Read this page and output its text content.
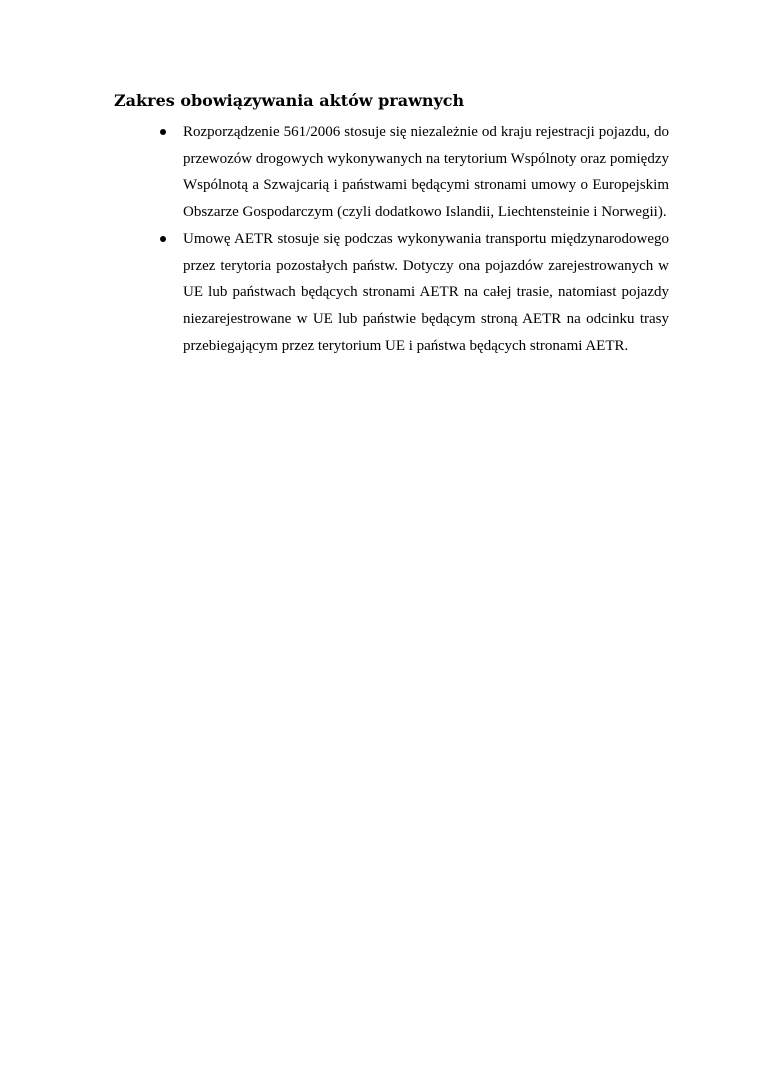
Zakres obowiązywania aktów prawnych

Rozporządzenie 561/2006 stosuje się niezależnie od kraju rejestracji pojazdu, do przewozów drogowych wykonywanych na terytorium Wspólnoty oraz pomiędzy Wspólnotą a Szwajcarią i państwami będącymi stronami umowy o Europejskim Obszarze Gospodarczym (czyli dodatkowo Islandii, Liechtensteinie i Norwegii).

Umowę AETR stosuje się podczas wykonywania transportu międzynarodowego przez terytoria pozostałych państw. Dotyczy ona pojazdów zarejestrowanych w UE lub państwach będących stronami AETR na całej trasie, natomiast pojazdy niezarejestrowane w UE lub państwie będącym stroną AETR na odcinku trasy przebiegającym przez terytorium UE i państwa będących stronami AETR.
